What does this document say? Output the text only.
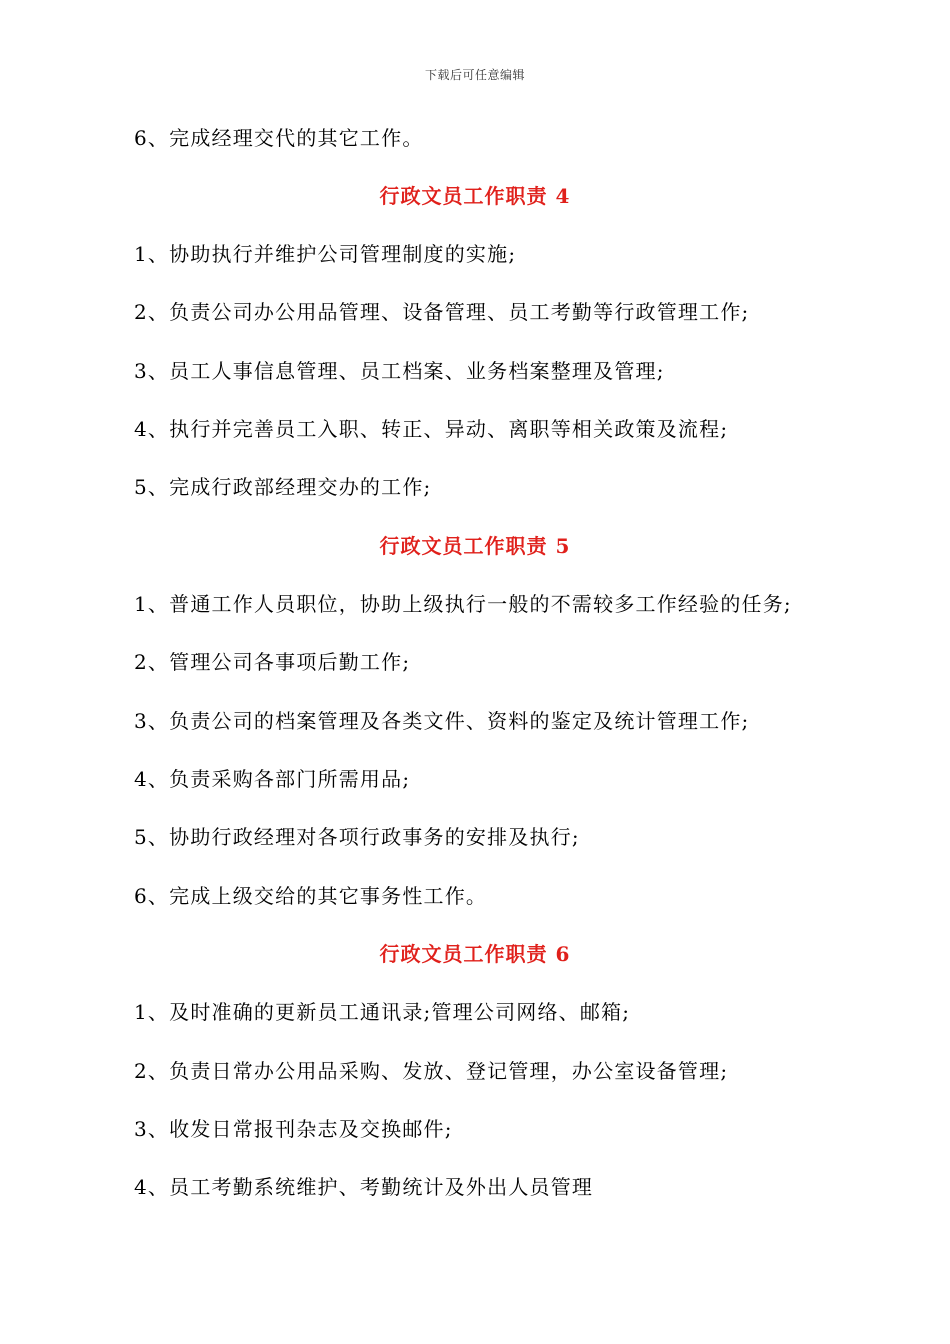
下载后可任意编辑
6、完成经理交代的其它工作。
行政文员工作职责 4
1、协助执行并维护公司管理制度的实施;
2、负责公司办公用品管理、设备管理、员工考勤等行政管理工作;
3、员工人事信息管理、员工档案、业务档案整理及管理;
4、执行并完善员工入职、转正、异动、离职等相关政策及流程;
5、完成行政部经理交办的工作;
行政文员工作职责 5
1、普通工作人员职位，协助上级执行一般的不需较多工作经验的任务;
2、管理公司各事项后勤工作;
3、负责公司的档案管理及各类文件、资料的鉴定及统计管理工作;
4、负责采购各部门所需用品;
5、协助行政经理对各项行政事务的安排及执行;
6、完成上级交给的其它事务性工作。
行政文员工作职责 6
1、及时准确的更新员工通讯录;管理公司网络、邮箱;
2、负责日常办公用品采购、发放、登记管理，办公室设备管理;
3、收发日常报刊杂志及交换邮件;
4、员工考勤系统维护、考勤统计及外出人员管理
